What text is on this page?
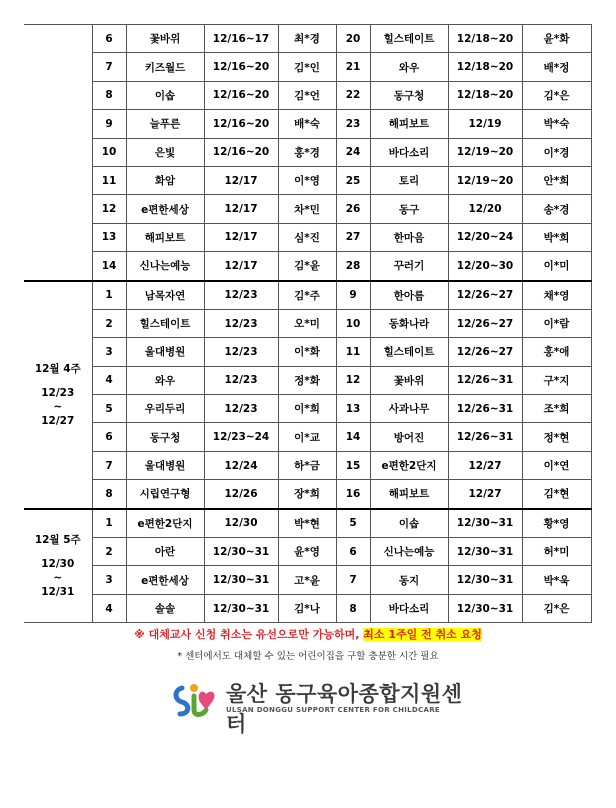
	6	꽃바위	12/16~17	최*경	20	힐스테이트	12/18~20	윤*화
	7	키즈월드	12/16~20	김*인	21	와우	12/18~20	배*정
	8	이솝	12/16~20	김*언	22	동구청	12/18~20	김*은
	9	늘푸른	12/16~20	배*숙	23	해피보트	12/19	박*숙
	10	은빛	12/16~20	홍*경	24	바다소리	12/19~20	이*경
	11	화암	12/17	이*영	25	토리	12/19~20	안*희
	12	e편한세상	12/17	차*민	26	동구	12/20	송*경
	13	해피보트	12/17	심*진	27	한마음	12/20~24	박*희
	14	신나는예능	12/17	김*윤	28	꾸러기	12/20~30	이*미

12월 4주
12/23
~
12/27	1	남목자연	12/23	김*주	9	한아름	12/26~27	채*영
	2	힐스테이트	12/23	오*미	10	동화나라	12/26~27	이*람
	3	울대병원	12/23	이*화	11	힐스테이트	12/26~27	홍*애
	4	와우	12/23	정*화	12	꽃바위	12/26~31	구*지
	5	우리두리	12/23	이*희	13	사과나무	12/26~31	조*희
	6	동구청	12/23~24	이*교	14	방어진	12/26~31	정*현
	7	울대병원	12/24	하*금	15	e편한2단지	12/27	이*연
	8	시립연구형	12/26	장*희	16	해피보트	12/27	김*현

12월 5주
12/30
~
12/31	1	e편한2단지	12/30	박*현	5	이솝	12/30~31	황*영
	2	아란	12/30~31	윤*영	6	신나는예능	12/30~31	허*미
	3	e편한세상	12/30~31	고*윤	7	동지	12/30~31	박*욱
	4	솔솔	12/30~31	김*나	8	바다소리	12/30~31	김*은
※ 대체교사 신청 취소는 유선으로만 가능하며, 최소 1주일 전 취소 요청
* 센터에서도 대체할 수 있는 어린이집을 구할 충분한 시간 필요
울산 동구육아종합지원센터
ULSAN DONGGU SUPPORT CENTER FOR CHILDCARE
